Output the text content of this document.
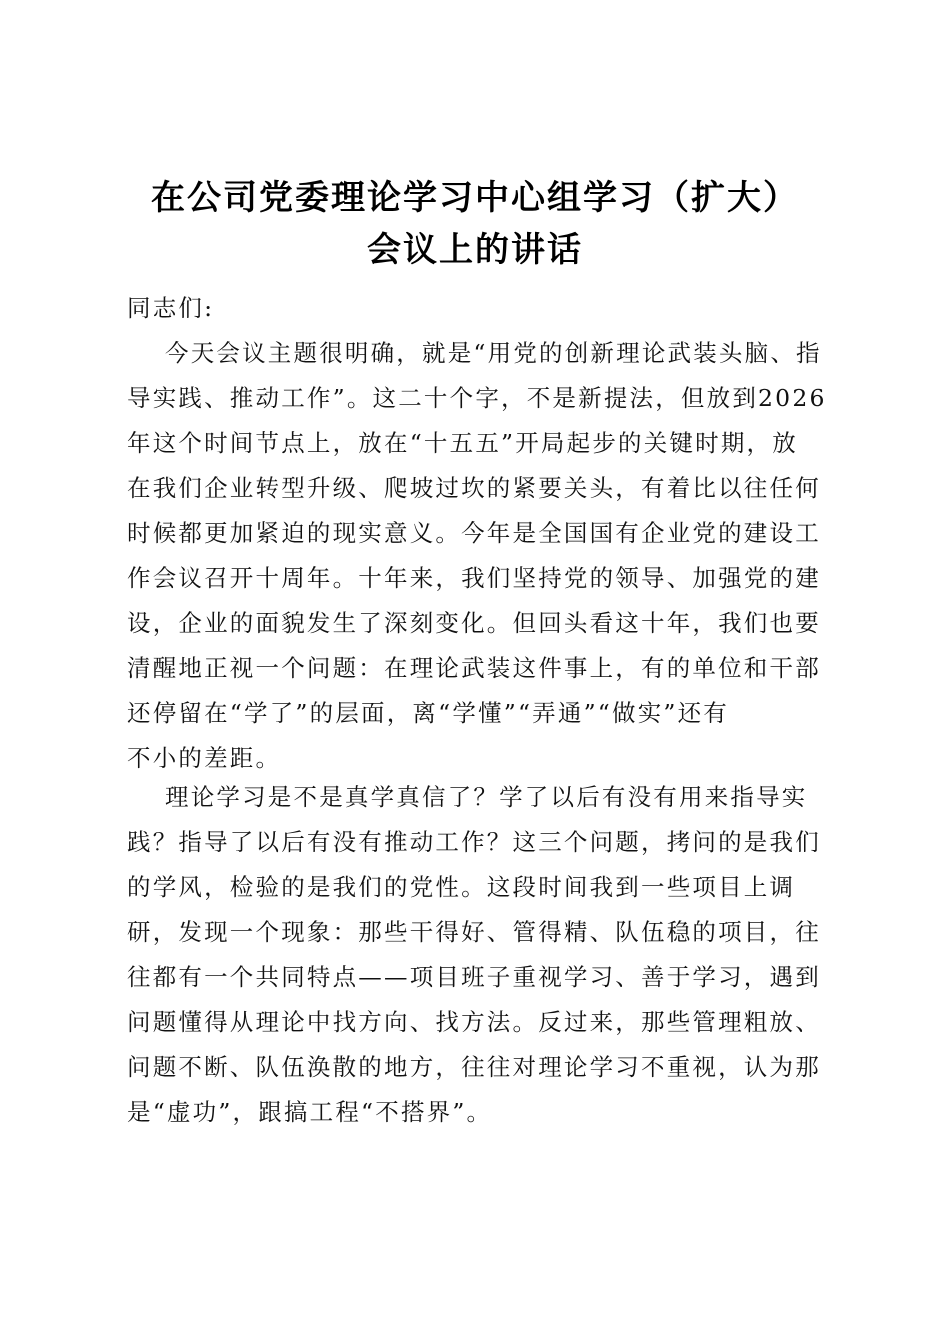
在公司党委理论学习中心组学习（扩大）
会议上的讲话
同志们:
今天会议主题很明确，就是“用党的创新理论武装头脑、指
导实践、推动工作”。这二十个字，不是新提法，但放到2026
年这个时间节点上，放在“十五五”开局起步的关键时期，放
在我们企业转型升级、爬坡过坎的紧要关头，有着比以往任何
时候都更加紧迫的现实意义。今年是全国国有企业党的建设工
作会议召开十周年。十年来，我们坚持党的领导、加强党的建
设，企业的面貌发生了深刻变化。但回头看这十年，我们也要
清醒地正视一个问题：在理论武装这件事上，有的单位和干部
还停留在“学了”的层面，离“学懂”“弄通”“做实”还有
不小的差距。
理论学习是不是真学真信了？学了以后有没有用来指导实
践？指导了以后有没有推动工作？这三个问题，拷问的是我们
的学风，检验的是我们的党性。这段时间我到一些项目上调
研，发现一个现象：那些干得好、管得精、队伍稳的项目，往
往都有一个共同特点——项目班子重视学习、善于学习，遇到
问题懂得从理论中找方向、找方法。反过来，那些管理粗放、
问题不断、队伍涣散的地方，往往对理论学习不重视，认为那
是“虚功”，跟搞工程“不搭界”。
